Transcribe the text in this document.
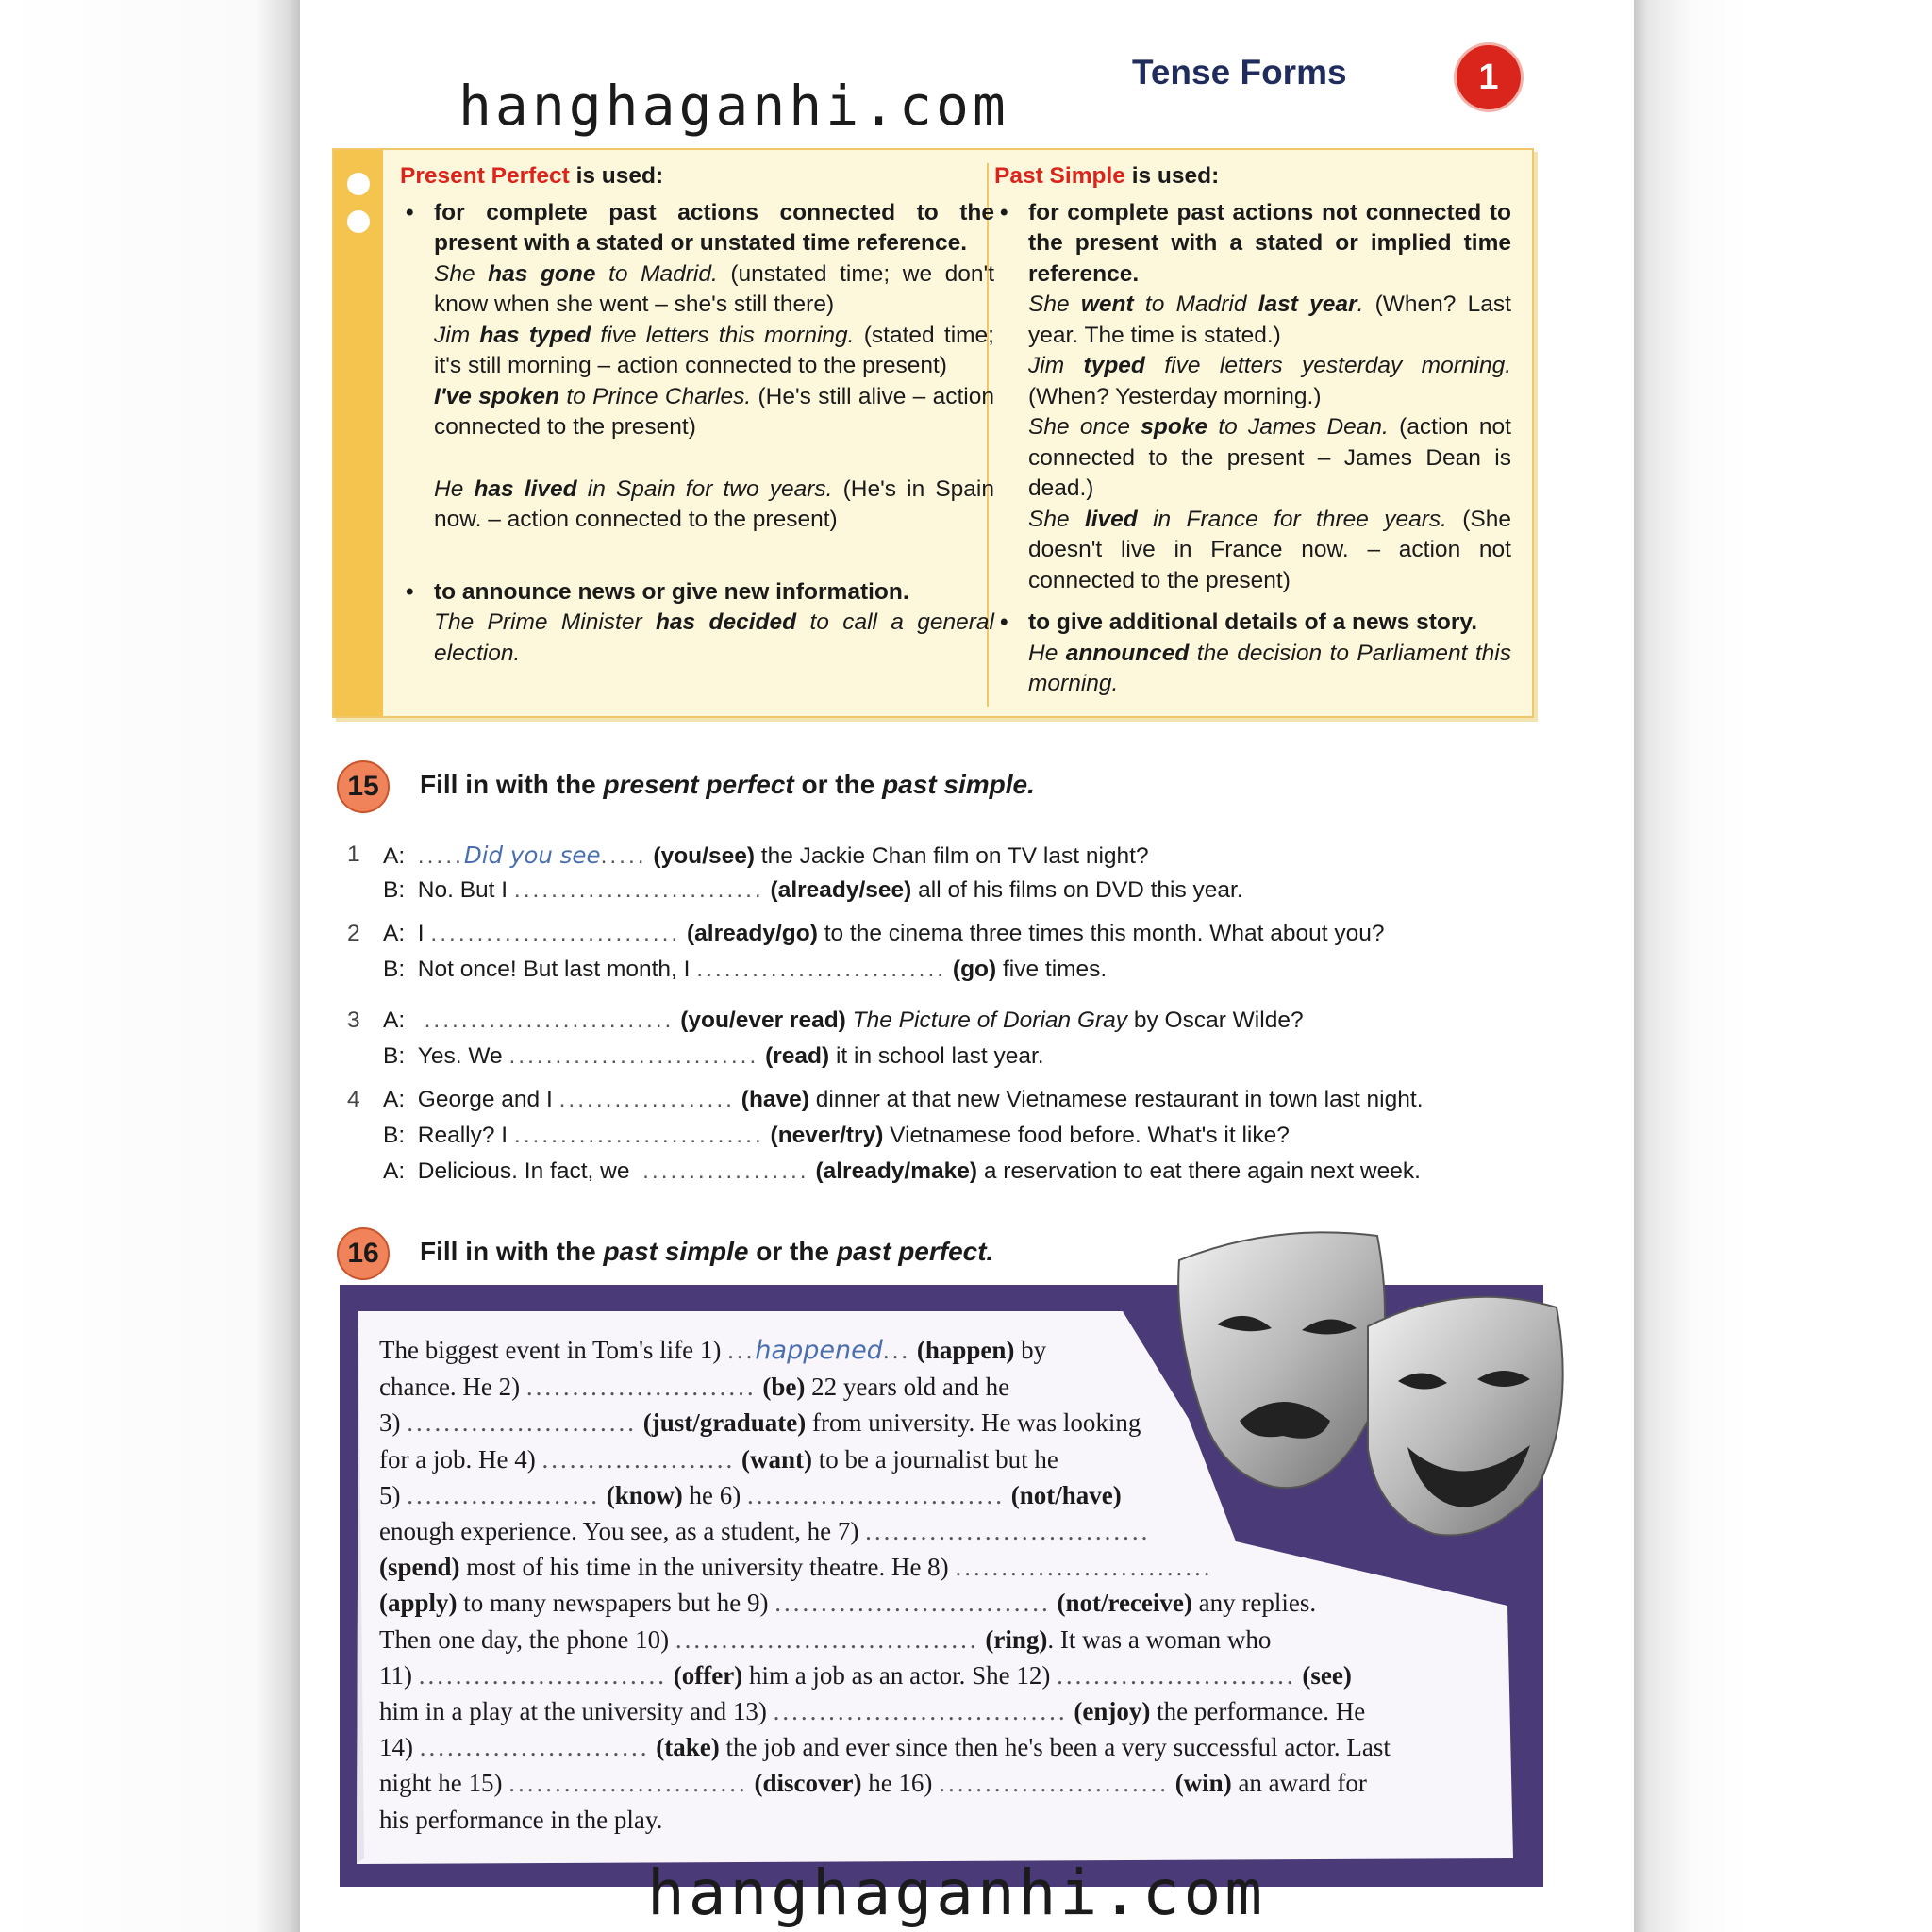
hanghaganhi.com
Tense Forms	1
Present Perfect is used:
• for complete past actions connected to the present with a stated or unstated time reference.
She has gone to Madrid. (unstated time; we don't know when she went – she's still there)
Jim has typed five letters this morning. (stated time; it's still morning – action connected to the present)
I've spoken to Prince Charles. (He's still alive – action connected to the present)
He has lived in Spain for two years. (He's in Spain now. – action connected to the present)
• to announce news or give new information.
The Prime Minister has decided to call a general election.
Past Simple is used:
• for complete past actions not connected to the present with a stated or implied time reference.
She went to Madrid last year. (When? Last year. The time is stated.)
Jim typed five letters yesterday morning. (When? Yesterday morning.)
She once spoke to James Dean. (action not connected to the present – James Dean is dead.)
She lived in France for three years. (She doesn't live in France now. – action not connected to the present)
• to give additional details of a news story.
He announced the decision to Parliament this morning.
15	Fill in with the present perfect or the past simple.
1 A: .....Did you see..... (you/see) the Jackie Chan film on TV last night?
B: No. But I ........................... (already/see) all of his films on DVD this year.
2 A: I ........................... (already/go) to the cinema three times this month. What about you?
B: Not once! But last month, I ........................... (go) five times.
3 A: ........................... (you/ever read) The Picture of Dorian Gray by Oscar Wilde?
B: Yes. We ........................... (read) it in school last year.
4 A: George and I ................... (have) dinner at that new Vietnamese restaurant in town last night.
B: Really? I ........................... (never/try) Vietnamese food before. What's it like?
A: Delicious. In fact, we .................. (already/make) a reservation to eat there again next week.
16	Fill in with the past simple or the past perfect.
The biggest event in Tom's life 1) ...happened... (happen) by
chance. He 2) ......................... (be) 22 years old and he
3) ......................... (just/graduate) from university. He was looking
for a job. He 4) ..................... (want) to be a journalist but he
5) ..................... (know) he 6) ............................ (not/have)
enough experience. You see, as a student, he 7) ...............................
(spend) most of his time in the university theatre. He 8) ............................
(apply) to many newspapers but he 9) .............................. (not/receive) any replies.
Then one day, the phone 10) ................................. (ring). It was a woman who
11) ........................... (offer) him a job as an actor. She 12) .......................... (see)
him in a play at the university and 13) ................................ (enjoy) the performance. He
14) ......................... (take) the job and ever since then he's been a very successful actor. Last
night he 15) .......................... (discover) he 16) ......................... (win) an award for
his performance in the play.
hanghaganhi.com
